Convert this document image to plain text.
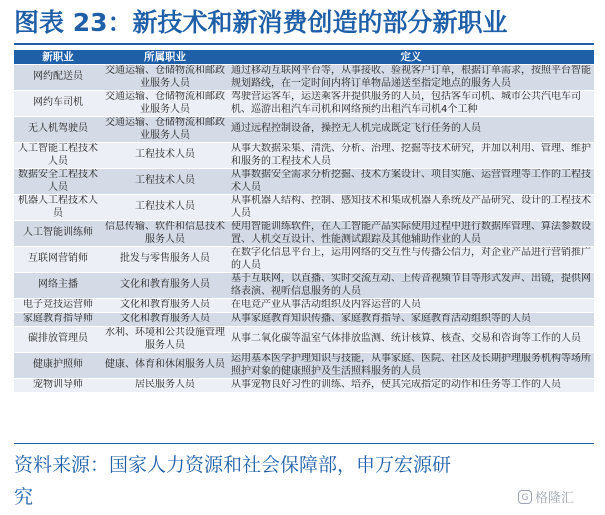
图表 23：新技术和新消费创造的部分新职业
新职业	所属职业	定义
网约配送员	交通运输、仓储物流和邮政业服务人员	通过移动互联网平台等，从事接收、验视客户订单，根据订单需求，按照平台智能规划路线，在一定时间内将订单物品递送至指定地点的服务人员
网约车司机	交通运输、仓储物流和邮政业服务人员	驾驶营运客车，运送乘客并提供服务的人员，包括客车司机、城市公共汽电车司机、巡游出租汽车司机和网络预约出租汽车司机4个工种
无人机驾驶员	交通运输、仓储物流和邮政业服务人员	通过远程控制设备，操控无人机完成既定飞行任务的人员
人工智能工程技术人员	工程技术人员	从事大数据采集、清洗、分析、治理、挖掘等技术研究，并加以利用、管理、维护和服务的工程技术人员
数据安全工程技术人员	工程技术人员	从事数据安全需求分析挖掘、技术方案设计、项目实施、运营管理等工作的工程技术人员
机器人工程技术人员	工程技术人员	从事机器人结构、控制、感知技术和集成机器人系统及产品研究、设计的工程技术人员
人工智能训练师	信息传输、软件和信息技术服务人员	使用智能训练软件，在人工智能产品实际使用过程中进行数据库管理、算法参数设置、人机交互设计、性能测试跟踪及其他辅助作业的人员
互联网营销师	批发与零售服务人员	在数字化信息平台上，运用网络的交互性与传播公信力，对企业产品进行营销推广的人员
网络主播	文化和教育服务人员	基于互联网，以直播、实时交流互动、上传音视频节目等形式发声、出镜，提供网络表演、视听信息服务的人员
电子竞技运营师	文化和教育服务人员	在电竞产业从事活动组织及内容运营的人员
家庭教育指导师	文化和教育服务人员	从事家庭教育知识传播、家庭教育指导、家庭教育活动组织等的人员
碳排放管理员	水利、环境和公共设施管理服务人员	从事二氧化碳等温室气体排放监测、统计核算、核查、交易和咨询等工作的人员
健康护照师	健康、体育和休闲服务人员	运用基本医学护理知识与技能，从事家庭、医院、社区及长期护理服务机构等场所照护对象的健康照护及生活照料服务的人员
宠物训导师	居民服务人员	从事宠物良好习性的训练、培养，使其完成指定的动作和任务等工作的人员
资料来源：国家人力资源和社会保障部，申万宏源研
究	G 格隆汇
